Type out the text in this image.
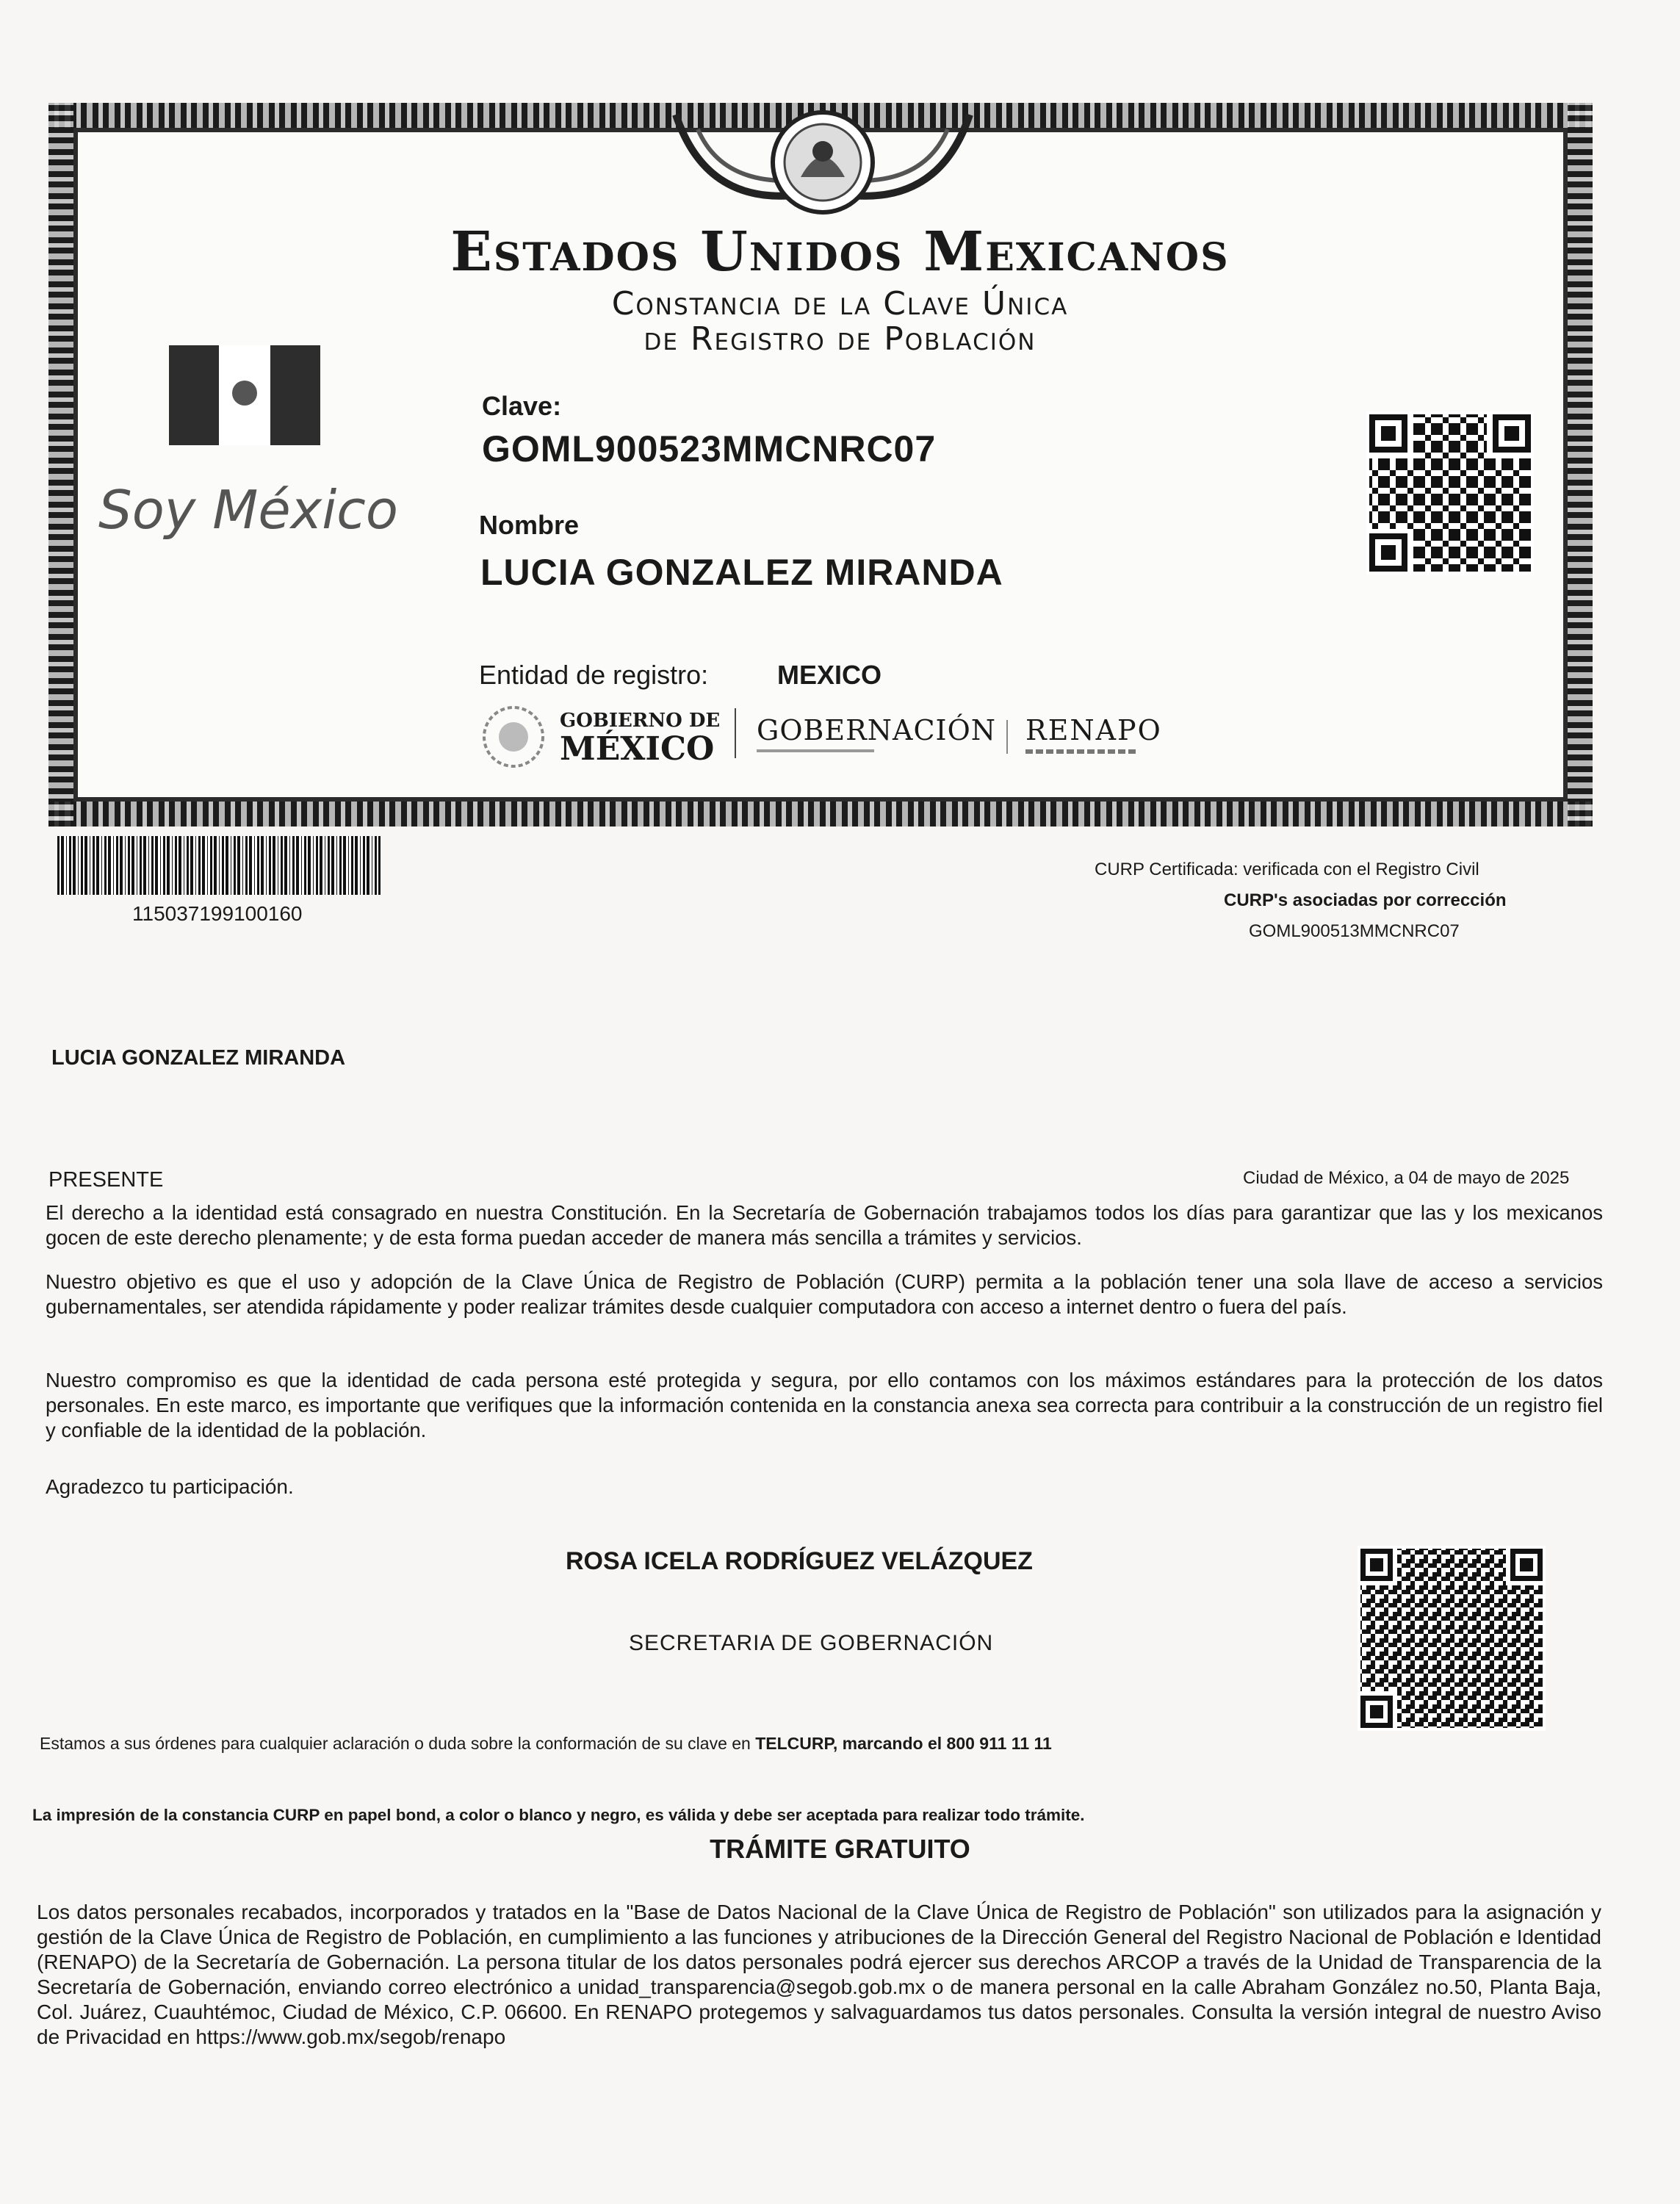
Estados Unidos Mexicanos
Constancia de la Clave Única
de Registro de Población
Soy México
Clave:
GOML900523MMCNRC07
Nombre
LUCIA GONZALEZ MIRANDA
Entidad de registro:	MEXICO
GOBIERNO DE
MÉXICO GOBERNACIÓN RENAPO
115037199100160
CURP Certificada: verificada con el Registro Civil
CURP's asociadas por corrección
GOML900513MMCNRC07
LUCIA GONZALEZ MIRANDA
PRESENTE	Ciudad de México, a 04 de mayo de 2025
El derecho a la identidad está consagrado en nuestra Constitución. En la Secretaría de Gobernación trabajamos todos los días para garantizar que las y los mexicanos gocen de este derecho plenamente; y de esta forma puedan acceder de manera más sencilla a trámites y servicios.
Nuestro objetivo es que el uso y adopción de la Clave Única de Registro de Población (CURP) permita a la población tener una sola llave de acceso a servicios gubernamentales, ser atendida rápidamente y poder realizar trámites desde cualquier computadora con acceso a internet dentro o fuera del país.
Nuestro compromiso es que la identidad de cada persona esté protegida y segura, por ello contamos con los máximos estándares para la protección de los datos personales. En este marco, es importante que verifiques que la información contenida en la constancia anexa sea correcta para contribuir a la construcción de un registro fiel y confiable de la identidad de la población.
Agradezco tu participación.
ROSA ICELA RODRÍGUEZ VELÁZQUEZ
SECRETARIA DE GOBERNACIÓN
Estamos a sus órdenes para cualquier aclaración o duda sobre la conformación de su clave en TELCURP, marcando el 800 911 11 11
La impresión de la constancia CURP en papel bond, a color o blanco y negro, es válida y debe ser aceptada para realizar todo trámite.
TRÁMITE GRATUITO
Los datos personales recabados, incorporados y tratados en la "Base de Datos Nacional de la Clave Única de Registro de Población" son utilizados para la asignación y gestión de la Clave Única de Registro de Población, en cumplimiento a las funciones y atribuciones de la Dirección General del Registro Nacional de Población e Identidad (RENAPO) de la Secretaría de Gobernación. La persona titular de los datos personales podrá ejercer sus derechos ARCOP a través de la Unidad de Transparencia de la Secretaría de Gobernación, enviando correo electrónico a unidad_transparencia@segob.gob.mx o de manera personal en la calle Abraham González no.50, Planta Baja, Col. Juárez, Cuauhtémoc, Ciudad de México, C.P. 06600. En RENAPO protegemos y salvaguardamos tus datos personales. Consulta la versión integral de nuestro Aviso de Privacidad en https://www.gob.mx/segob/renapo
